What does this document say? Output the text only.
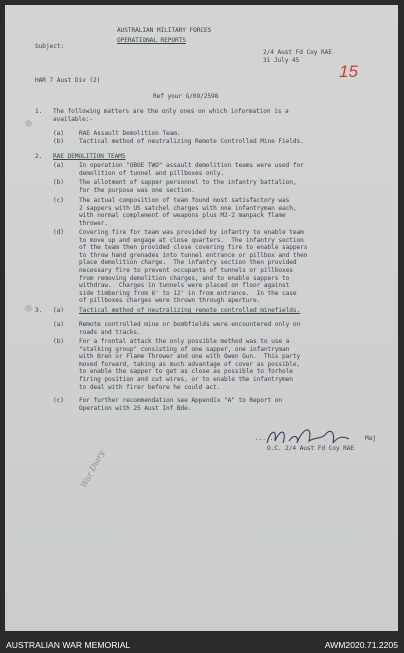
AUSTRALIAN MILITARY FORCES
OPERATIONAL REPORTS
Subject:
2/4 Aust Fd Coy RAE
31 July 45
15
HAR 7 Aust Div (2)
Ref your G/09/2598
1. The following matters are the only ones on which information is a
available:-
(a) RAE Assault Demolition Team.
(b) Tactical method of neutralizing Remote Controlled Mine Fields.
2. RAE DEMOLITION TEAMS
(a) In operation "OBOE TWO" assault demolition teams were used for
demolition of tunnel and pillboxes only.
(b) The allotment of sapper personnel to the infantry battalion,
for the purpose was one section.
(c) The actual composition of team found most satisfactory was
2 sappers with US satchel charges with one infantryman each,
with normal complement of weapons plus M2-2 manpack flame
thrower.
(d) Covering fire for team was provided by infantry to enable team
to move up and engage at close quarters.  The infantry section
of the team then provided close covering fire to enable sappers
to throw hand grenades into tunnel entrance or pillbox and then
place demolition charge.  The infantry section then provided
necessary fire to prevent occupants of tunnels or pillboxes
from removing demolition charges, and to enable sappers to
withdraw.  Charges in tunnels were placed on floor against
side timbering from 6' to 12' in from entrance.  In the case
of pillboxes charges were thrown through aperture.
3. (a) Tactical method of neutralizing remote controlled minefields.
(a) Remote controlled mine or bombfields were encountered only on
roads and tracks.
(b) For a frontal attack the only possible method was to use a
"stalking group" consisting of one sapper, one infantryman
with Bren or Flame Thrower and one with Owen Gun.  This party
moved forward, taking as much advantage of cover as possible,
to enable the sapper to get as close as possible to forhole
firing position and cut wires, or to enable the infantrymen
to deal with firer before he could act.
(c) For further recommendation see Appendix "A" to Report on
Operation with 25 Aust Inf Bde.
......	Maj
O.C. 2/4 Aust Fd Coy RAE
War Diary
AUSTRALIAN WAR MEMORIAL	AWM2020.71.2205
